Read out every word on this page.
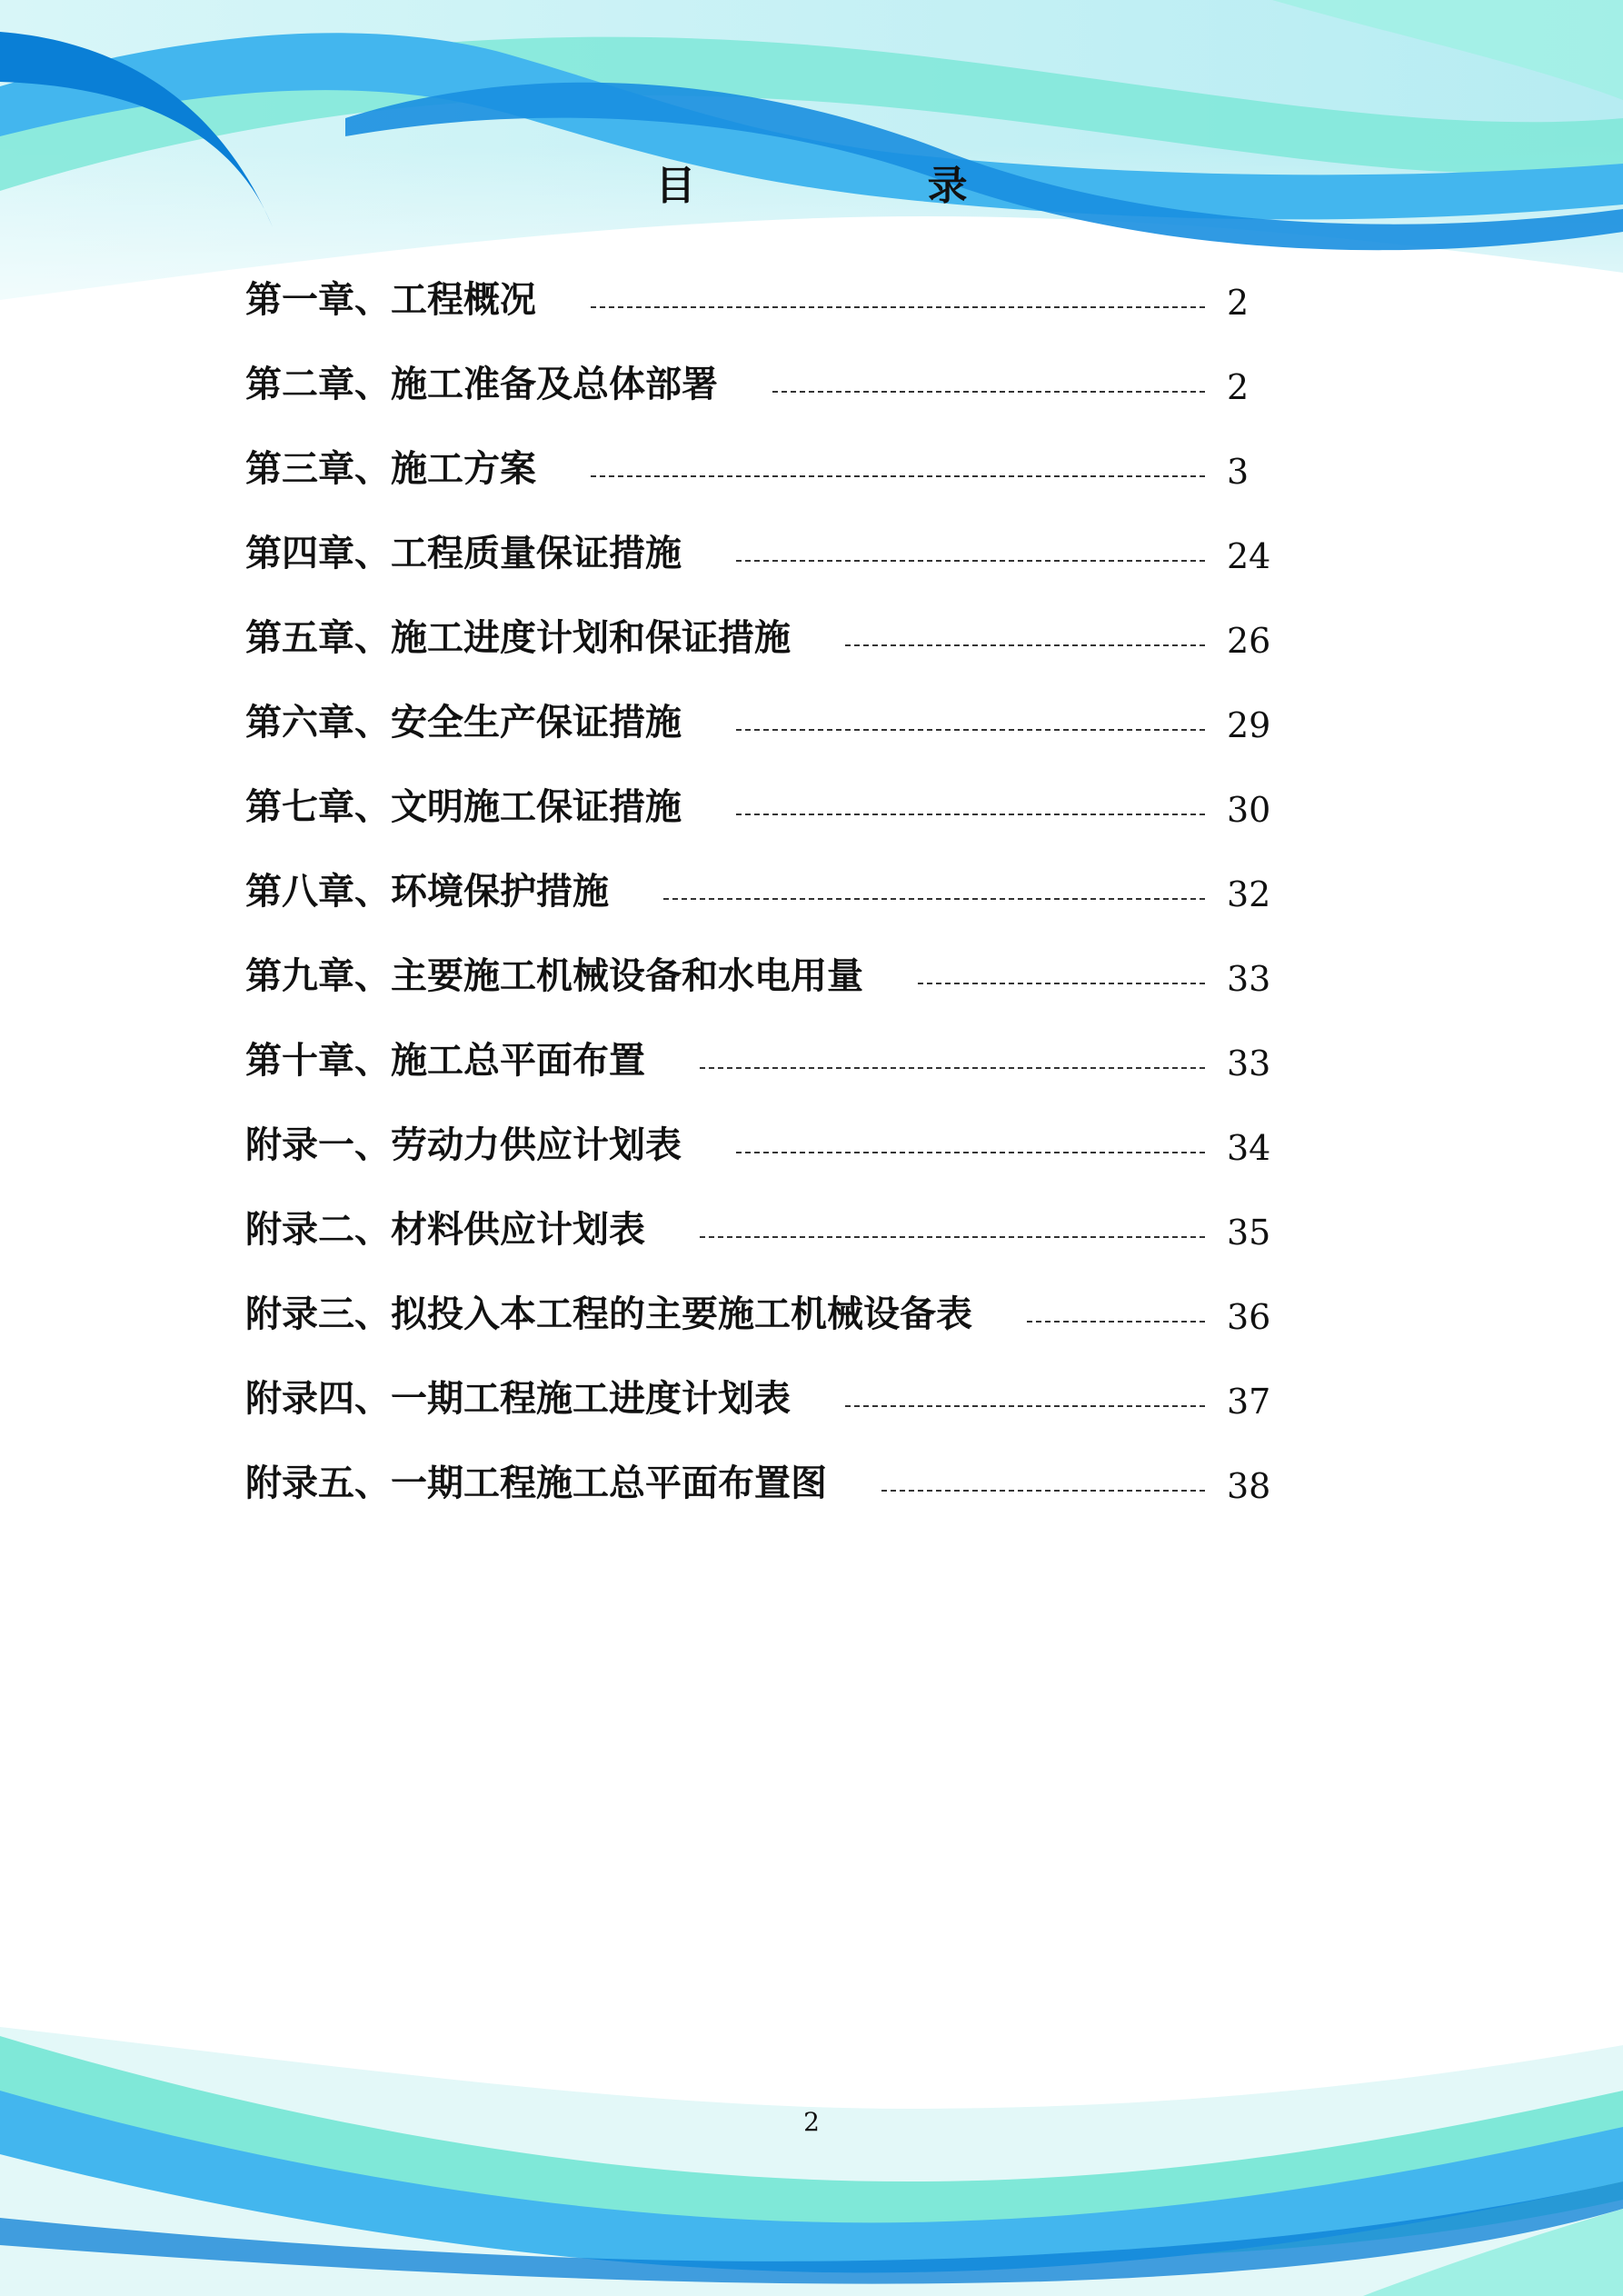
目 录
第一章、工程概况	2
第二章、施工准备及总体部署	2
第三章、施工方案	3
第四章、工程质量保证措施	24
第五章、施工进度计划和保证措施	26
第六章、安全生产保证措施	29
第七章、文明施工保证措施	30
第八章、环境保护措施	32
第九章、主要施工机械设备和水电用量	33
第十章、施工总平面布置	33
附录一、劳动力供应计划表	34
附录二、材料供应计划表	35
附录三、拟投入本工程的主要施工机械设备表	36
附录四、一期工程施工进度计划表	37
附录五、一期工程施工总平面布置图	38
2
